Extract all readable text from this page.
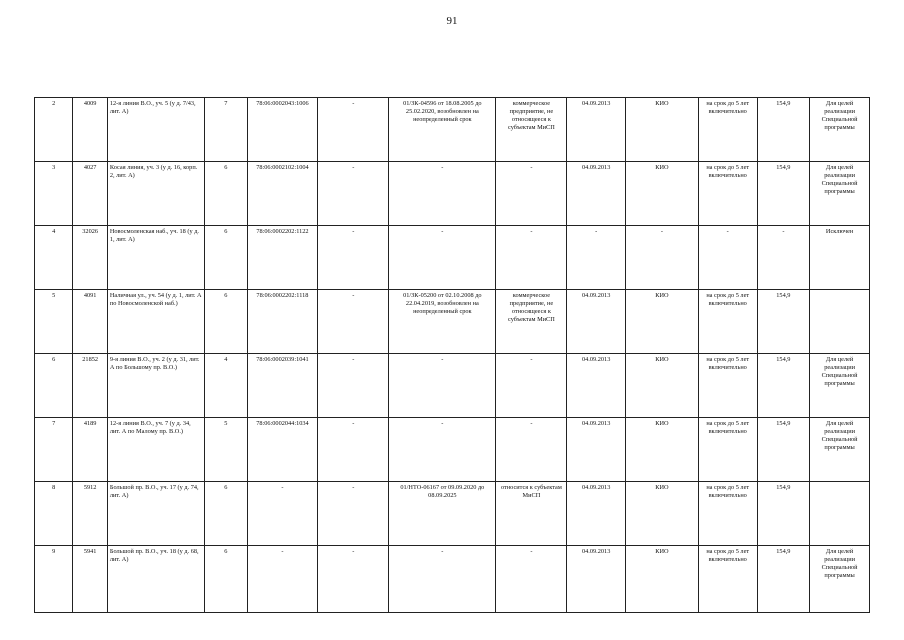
91
2	4009	12-я линия В.О., уч. 5 (у д. 7/43, лит. А)	7	78:06:0002043:1006	-	01/ЗК-04596 от 18.08.2005 до 25.02.2020, возобновлен на неопределенный срок	коммерческое предприятие, не относящееся к субъектам МиСП	04.09.2013	КИО	на срок до 5 лет включительно	154,9	Для целей реализации Специальной программы
3	4027	Косая линия, уч. 3 (у д. 16, корп. 2, лит. А)	6	78:06:0002102:1004	-	-	-	04.09.2013	КИО	на срок до 5 лет включительно	154,9	Для целей реализации Специальной программы
4	32026	Новосмоленская наб., уч. 18 (у д. 1, лит. А)	6	78:06:0002202:1122	-	-	-	-	-	-	-	Исключен
5	4091	Наличная ул., уч. 54 (у д. 1, лит. А по Новосмоленской наб.)	6	78:06:0002202:1118	-	01/ЗК-05200 от 02.10.2008 до 22.04.2019, возобновлен на неопределенный срок	коммерческое предприятие, не относящееся к субъектам МиСП	04.09.2013	КИО	на срок до 5 лет включительно	154,9	
6	21852	9-я линия В.О., уч. 2 (у д. 31, лит. А по Большому пр. В.О.)	4	78:06:0002039:1041	-	-	-	04.09.2013	КИО	на срок до 5 лет включительно	154,9	Для целей реализации Специальной программы
7	4189	12-я линия В.О., уч. 7 (у д. 34, лит. А по Малому пр. В.О.)	5	78:06:0002044:1034	-	-	-	04.09.2013	КИО	на срок до 5 лет включительно	154,9	Для целей реализации Специальной программы
8	5912	Большой пр. В.О., уч. 17 (у д. 74, лит. А)	6	-	-	01/НТО-06167 от 09.09.2020 до 08.09.2025	относится к субъектам МиСП	04.09.2013	КИО	на срок до 5 лет включительно	154,9	
9	5941	Большой пр. В.О., уч. 18 (у д. 68, лит. А)	6	-	-	-	-	04.09.2013	КИО	на срок до 5 лет включительно	154,9	Для целей реализации Специальной программы
